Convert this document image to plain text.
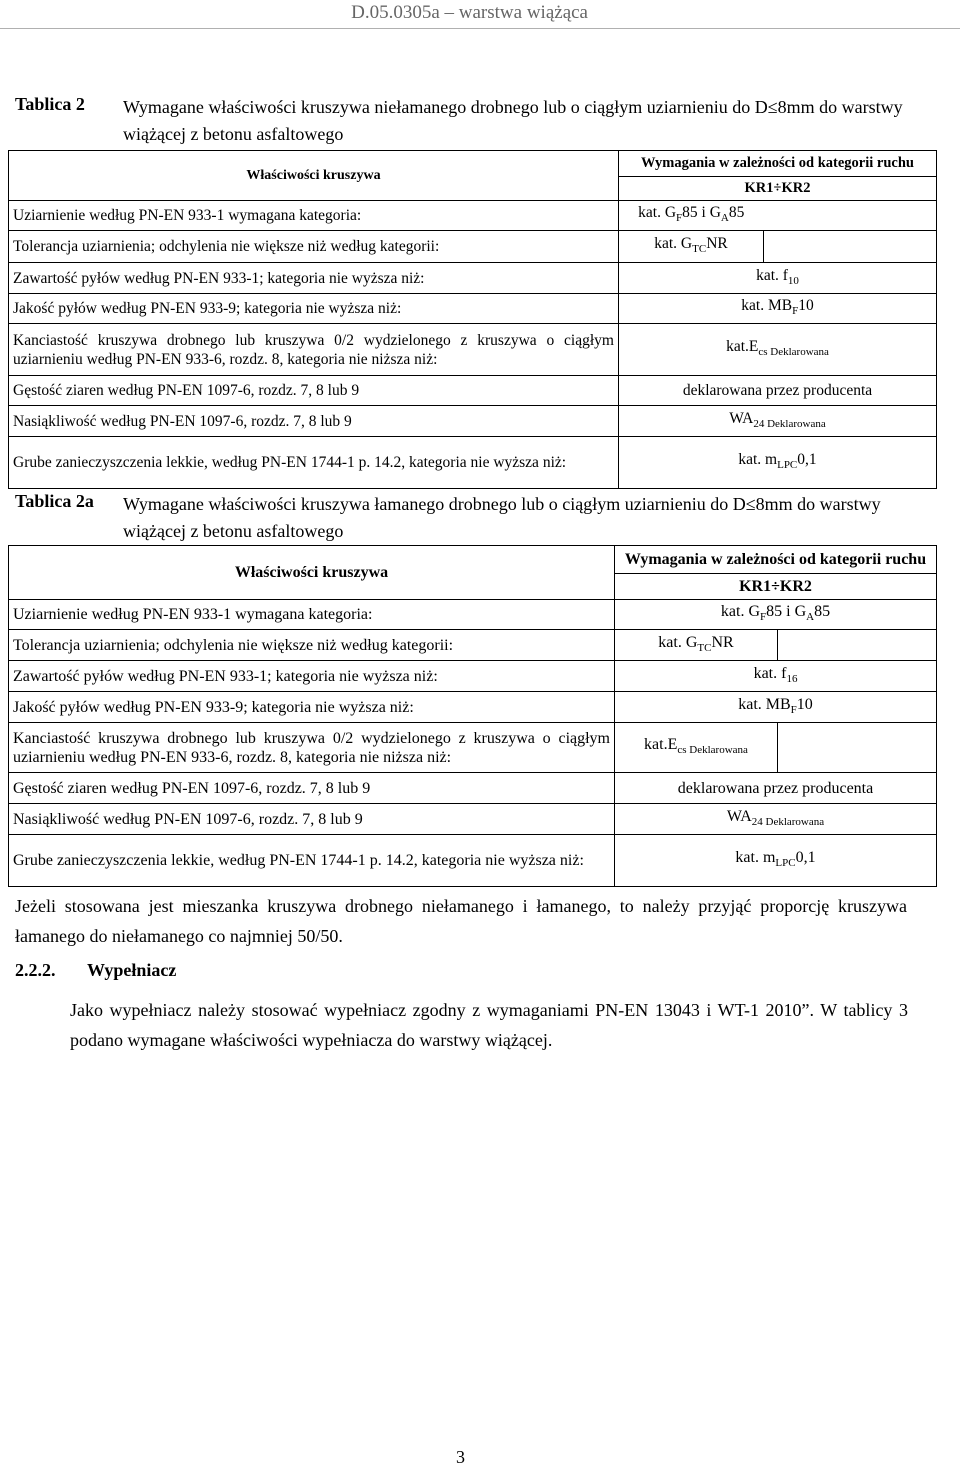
D.05.0305a – warstwa wiążąca
Tablica 2 Wymagane właściwości kruszywa niełamanego drobnego lub o ciągłym uziarnieniu do D≤8mm do warstwy wiążącej z betonu asfaltowego
Właściwości kruszywa	Wymagania w zależności od kategorii ruchu	
	KR1÷KR2	
Uziarnienie według PN-EN 933-1 wymagana kategoria:	kat. $G_F85$ i $G_A85$	
Tolerancja uziarnienia; odchylenia nie większe niż według kategorii:	kat. $G_{TC}NR$	
Zawartość pyłów według PN-EN 933-1; kategoria nie wyższa niż:	kat. $f_{10}$
Jakość pyłów według PN-EN 933-9; kategoria nie wyższa niż:	kat. $MB_F10$	
Kanciastość kruszywa drobnego lub kruszywa 0/2 wydzielonego z kruszywa o ciągłym uziarnieniu według PN-EN 933-6, rozdz. 8, kategoria nie niższa niż:	$kat.E_{cs Deklarowana}$
Gęstość ziaren według PN-EN 1097-6, rozdz. 7, 8 lub 9	deklarowana przez producenta	
Nasiąkliwość według PN-EN 1097-6, rozdz. 7, 8 lub 9	$WA_{24 Deklarowana}$
Grube zanieczyszczenia lekkie, według PN-EN 1744-1 p. 14.2, kategoria nie wyższa niż:	kat. $m_{LPC}0,1$	
Tablica 2a Wymagane właściwości kruszywa łamanego drobnego lub o ciągłym uziarnieniu do D≤8mm do warstwy wiążącej z betonu asfaltowego
Właściwości kruszywa	Wymagania w zależności od kategorii ruchu	
	KR1÷KR2	
Uziarnienie według PN-EN 933-1 wymagana kategoria:	kat. $G_F85$ i $G_A85$	
Tolerancja uziarnienia; odchylenia nie większe niż według kategorii:	kat. $G_{TC}NR$	
Zawartość pyłów według PN-EN 933-1; kategoria nie wyższa niż:	kat. $f_{16}$
Jakość pyłów według PN-EN 933-9; kategoria nie wyższa niż:	kat. $MB_F10$	
Kanciastość kruszywa drobnego lub kruszywa 0/2 wydzielonego z kruszywa o ciągłym uziarnieniu według PN-EN 933-6, rozdz. 8, kategoria nie niższa niż:	$kat.E_{cs Deklarowana}$	
Gęstość ziaren według PN-EN 1097-6, rozdz. 7, 8 lub 9	deklarowana przez producenta	
Nasiąkliwość według PN-EN 1097-6, rozdz. 7, 8 lub 9	$WA_{24 Deklarowana}$
Grube zanieczyszczenia lekkie, według PN-EN 1744-1 p. 14.2, kategoria nie wyższa niż:	kat. $m_{LPC}0,1$	
Jeżeli stosowana jest mieszanka kruszywa drobnego niełamanego i łamanego, to należy przyjąć proporcję kruszywa łamanego do niełamanego co najmniej 50/50.
2.2.2. Wypełniacz
Jako wypełniacz należy stosować wypełniacz zgodny z wymaganiami PN-EN 13043 i WT-1 2010”. W tablicy 3 podano wymagane właściwości wypełniacza do warstwy wiążącej.
3
